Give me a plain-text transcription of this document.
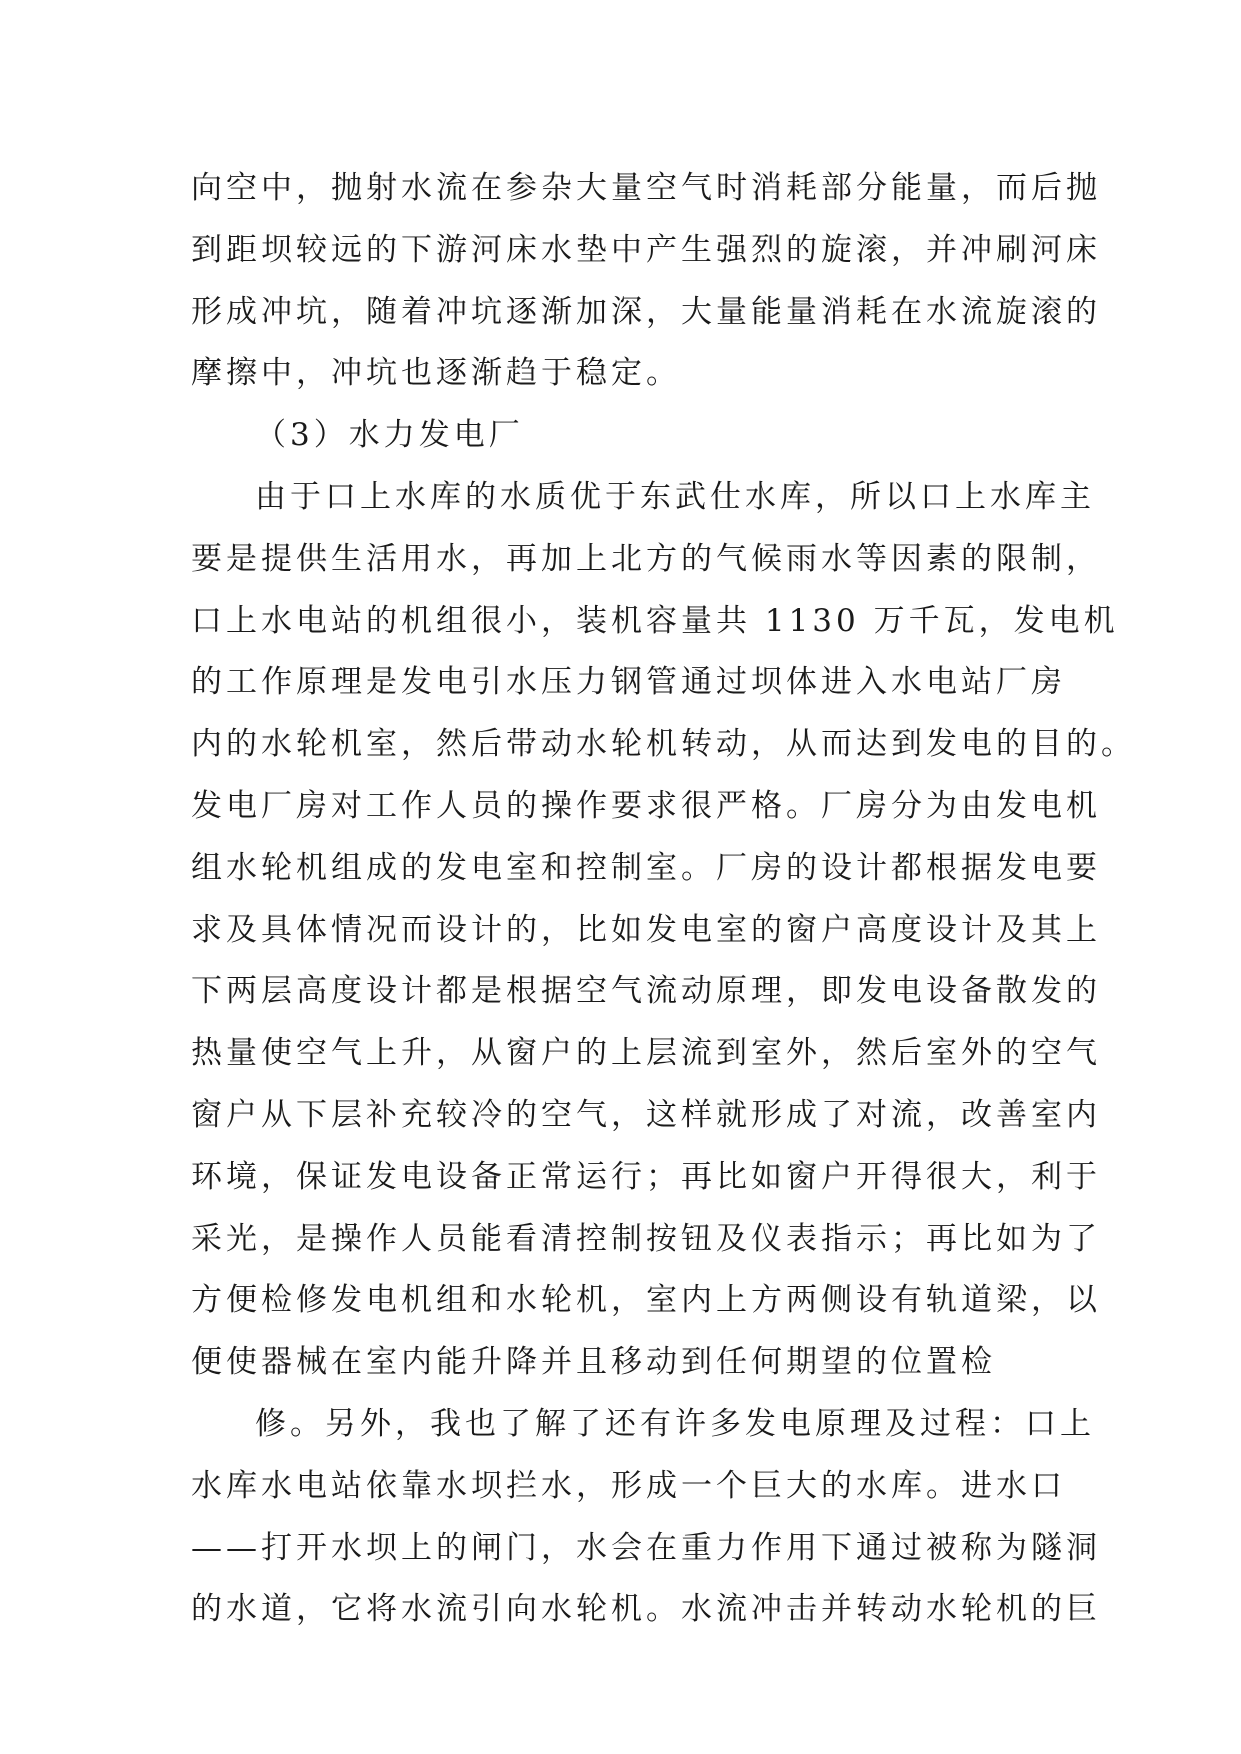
向空中，抛射水流在参杂大量空气时消耗部分能量，而后抛
到距坝较远的下游河床水垫中产生强烈的旋滚，并冲刷河床
形成冲坑，随着冲坑逐渐加深，大量能量消耗在水流旋滚的
摩擦中，冲坑也逐渐趋于稳定。
（3）水力发电厂
由于口上水库的水质优于东武仕水库，所以口上水库主
要是提供生活用水，再加上北方的气候雨水等因素的限制，
口上水电站的机组很小，装机容量共 1130 万千瓦，发电机
的工作原理是发电引水压力钢管通过坝体进入水电站厂房
内的水轮机室，然后带动水轮机转动，从而达到发电的目的。
发电厂房对工作人员的操作要求很严格。厂房分为由发电机
组水轮机组成的发电室和控制室。厂房的设计都根据发电要
求及具体情况而设计的，比如发电室的窗户高度设计及其上
下两层高度设计都是根据空气流动原理，即发电设备散发的
热量使空气上升，从窗户的上层流到室外，然后室外的空气
窗户从下层补充较冷的空气，这样就形成了对流，改善室内
环境，保证发电设备正常运行；再比如窗户开得很大，利于
采光，是操作人员能看清控制按钮及仪表指示；再比如为了
方便检修发电机组和水轮机，室内上方两侧设有轨道梁，以
便使器械在室内能升降并且移动到任何期望的位置检
修。另外，我也了解了还有许多发电原理及过程：口上
水库水电站依靠水坝拦水，形成一个巨大的水库。进水口
——打开水坝上的闸门，水会在重力作用下通过被称为隧洞
的水道，它将水流引向水轮机。水流冲击并转动水轮机的巨
